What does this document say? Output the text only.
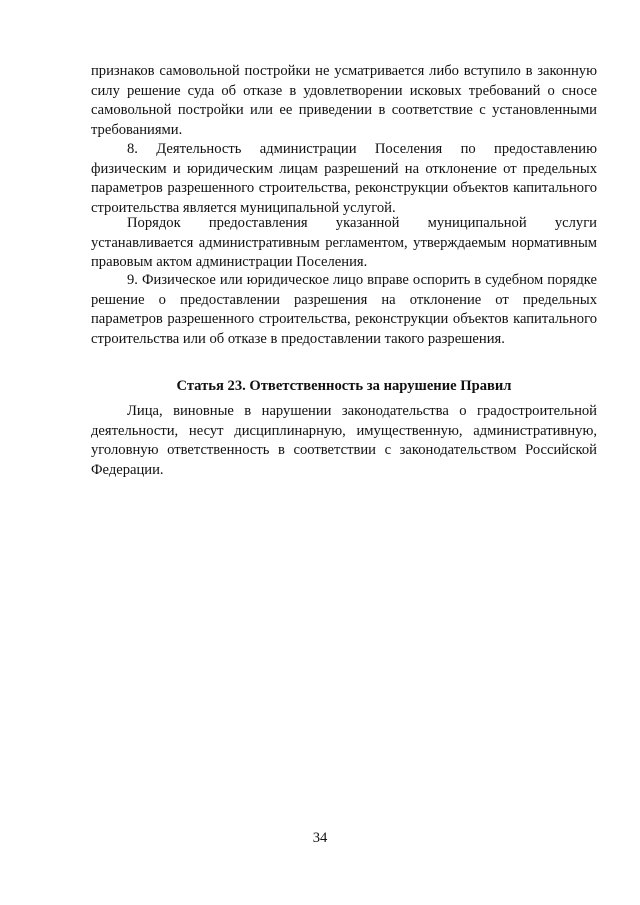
признаков самовольной постройки не усматривается либо вступило в законную силу решение суда об отказе в удовлетворении исковых требований о сносе самовольной постройки или ее приведении в соответствие с установленными требованиями.

8. Деятельность администрации Поселения по предоставлению физическим и юридическим лицам разрешений на отклонение от предельных параметров разрешенного строительства, реконструкции объектов капитального строительства является муниципальной услугой.

Порядок предоставления указанной муниципальной услуги устанавливается административным регламентом, утверждаемым нормативным правовым актом администрации Поселения.

9. Физическое или юридическое лицо вправе оспорить в судебном порядке решение о предоставлении разрешения на отклонение от предельных параметров разрешенного строительства, реконструкции объектов капитального строительства или об отказе в предоставлении такого разрешения.

Статья 23. Ответственность за нарушение Правил

Лица, виновные в нарушении законодательства о градостроительной деятельности, несут дисциплинарную, имущественную, административную, уголовную ответственность в соответствии с законодательством Российской Федерации.

34
